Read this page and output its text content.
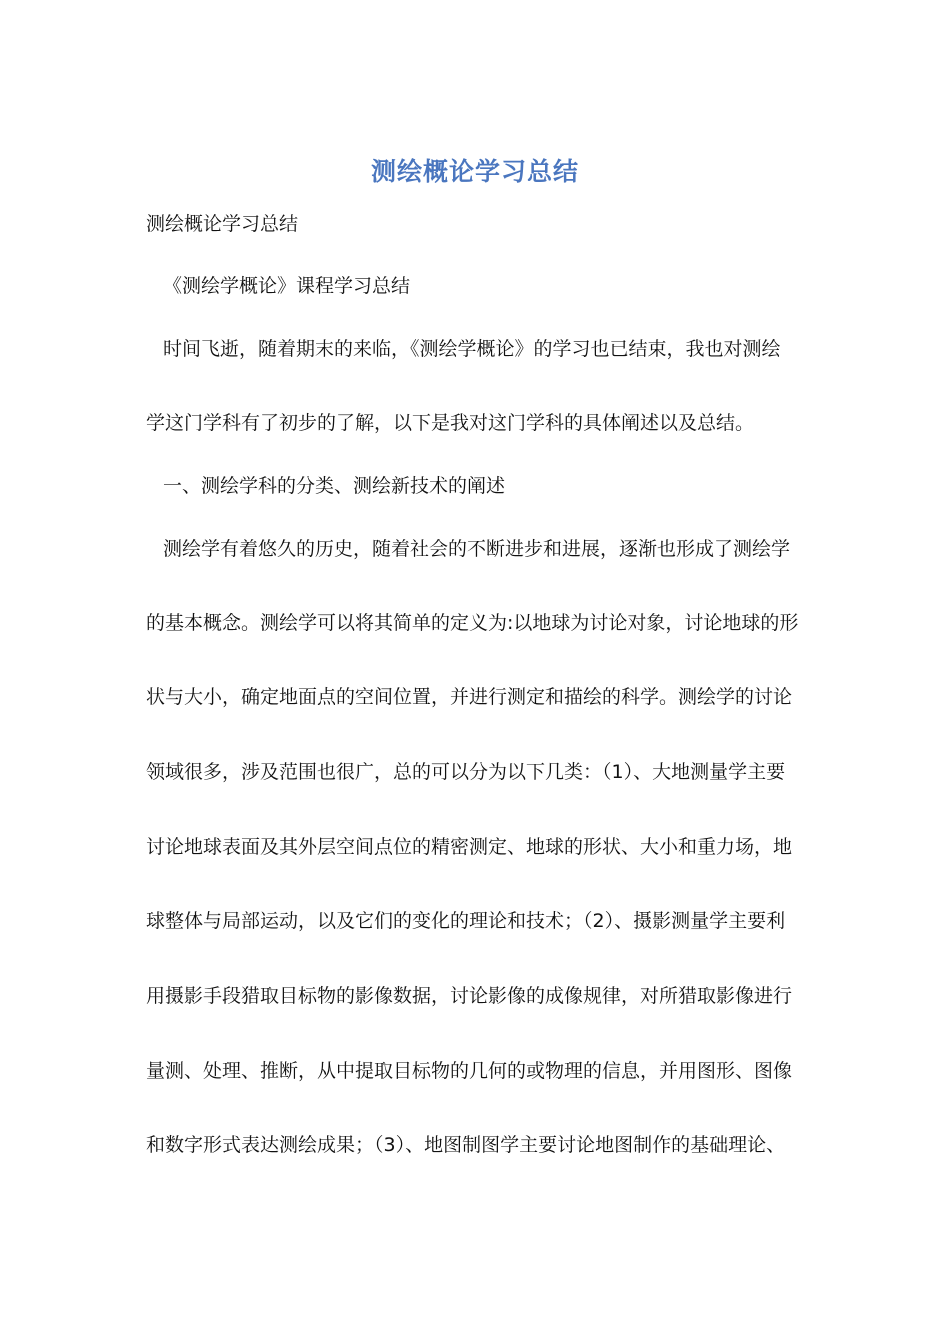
测绘概论学习总结

测绘概论学习总结

《测绘学概论》课程学习总结

时间飞逝，随着期末的来临，《测绘学概论》的学习也已结束，我也对测绘

学这门学科有了初步的了解，以下是我对这门学科的具体阐述以及总结。

一、测绘学科的分类、测绘新技术的阐述

测绘学有着悠久的历史，随着社会的不断进步和进展，逐渐也形成了测绘学

的基本概念。测绘学可以将其简单的定义为:以地球为讨论对象，讨论地球的形

状与大小，确定地面点的空间位置，并进行测定和描绘的科学。测绘学的讨论

领域很多，涉及范围也很广，总的可以分为以下几类：（1）、大地测量学主要

讨论地球表面及其外层空间点位的精密测定、地球的形状、大小和重力场，地

球整体与局部运动，以及它们的变化的理论和技术；（2）、摄影测量学主要利

用摄影手段猎取目标物的影像数据，讨论影像的成像规律，对所猎取影像进行

量测、处理、推断，从中提取目标物的几何的或物理的信息，并用图形、图像

和数字形式表达测绘成果；（3）、地图制图学主要讨论地图制作的基础理论、
